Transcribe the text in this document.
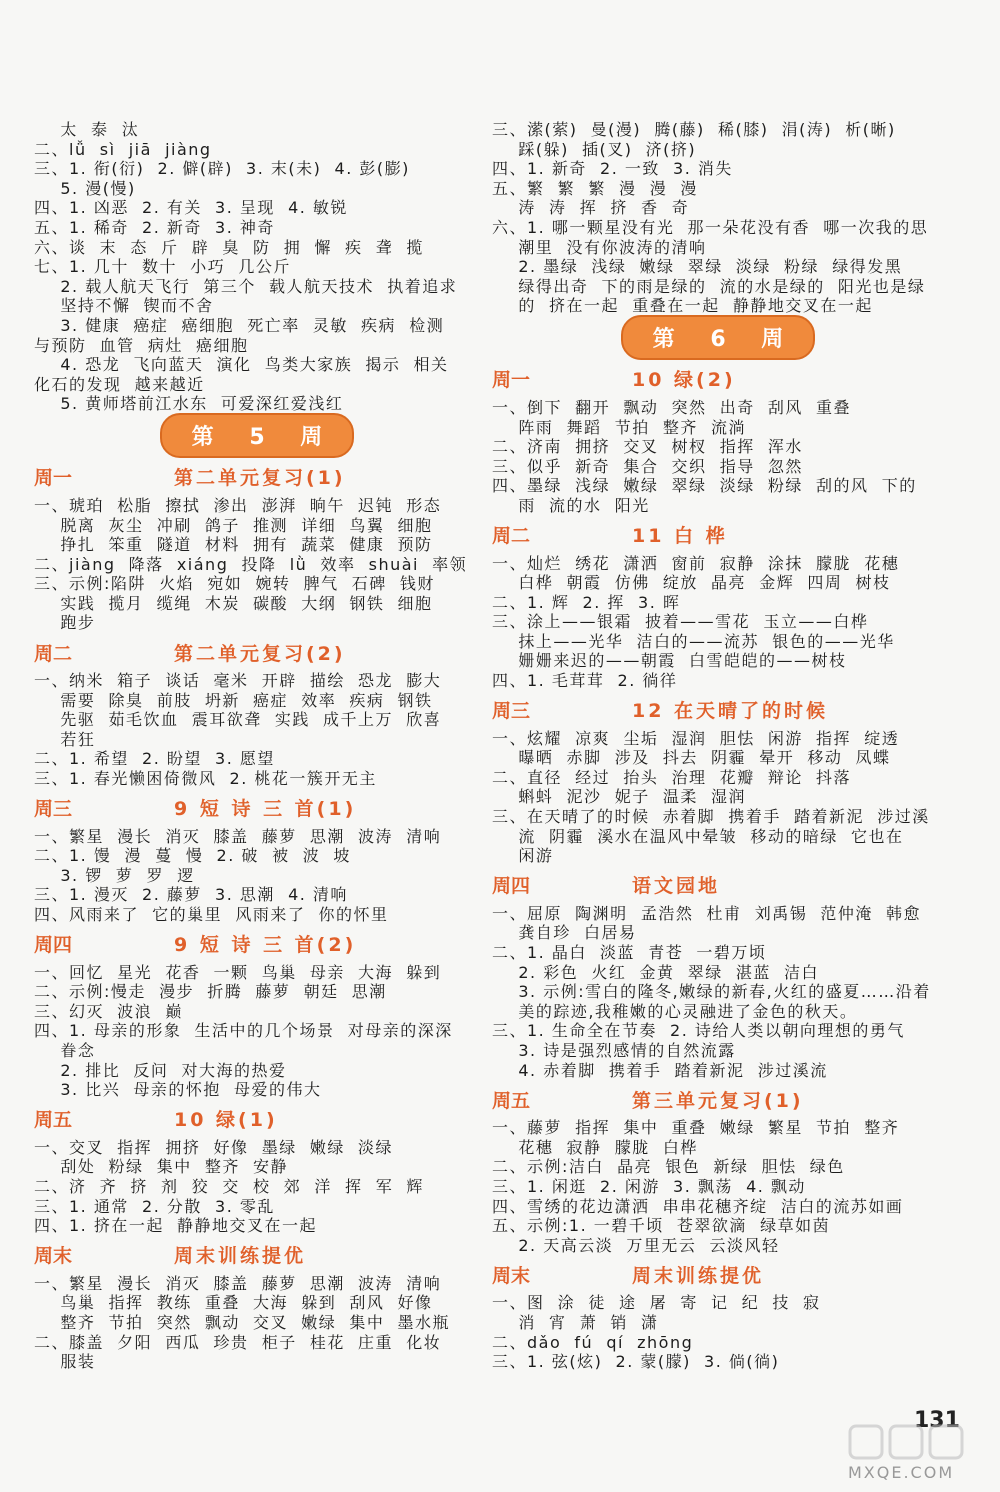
太  泰  汰
二、lǚ  sì  jiā  jiàng
三、1. 衔(衍)  2. 僻(辟)  3. 末(未)  4. 彭(膨)
5. 漫(慢)
四、1. 凶恶  2. 有关  3. 呈现  4. 敏锐
五、1. 稀奇  2. 新奇  3. 神奇
六、谈  末  态  斤  辟  臭  防  拥  懈  疾  聋  揽
七、1. 几十  数十  小巧  几公斤
2. 载人航天飞行  第三个  载人航天技术  执着追求
坚持不懈  锲而不舍
3. 健康  癌症  癌细胞  死亡率  灵敏  疾病  检测
与预防  血管  病灶  癌细胞
4. 恐龙  飞向蓝天  演化  鸟类大家族  揭示  相关
化石的发现  越来越近
5. 黄师塔前江水东  可爱深红爱浅红
第 5 周
周一	第二单元复习(1)
一、琥珀  松脂  擦拭  渗出  澎湃  晌午  迟钝  形态
脱离  灰尘  冲刷  鸽子  推测  详细  鸟翼  细胞
挣扎  笨重  隧道  材料  拥有  蔬菜  健康  预防
二、jiàng  降落  xiáng  投降  lǜ  效率  shuài  率领
三、示例:陷阱  火焰  宛如  婉转  脾气  石碑  钱财
实践  揽月  缆绳  木炭  碳酸  大纲  钢铁  细胞
跑步
周二	第二单元复习(2)
一、纳米  箱子  谈话  毫米  开辟  描绘  恐龙  膨大
需要  除臭  前肢  坍新  癌症  效率  疾病  钢铁
先驱  茹毛饮血  震耳欲聋  实践  成千上万  欣喜
若狂
二、1. 希望  2. 盼望  3. 愿望
三、1. 春光懒困倚微风  2. 桃花一簇开无主
周三	9 短 诗 三 首(1)
一、繁星  漫长  消灭  膝盖  藤萝  思潮  波涛  清响
二、1. 馒  漫  蔓  慢  2. 破  被  波  坡
3. 锣  萝  罗  逻
三、1. 漫灭  2. 藤萝  3. 思潮  4. 清响
四、风雨来了  它的巢里  风雨来了  你的怀里
周四	9 短 诗 三 首(2)
一、回忆  星光  花香  一颗  鸟巢  母亲  大海  躲到
二、示例:慢走  漫步  折腾  藤萝  朝廷  思潮
三、幻灭  波浪  巅
四、1. 母亲的形象  生活中的几个场景  对母亲的深深
眷念
2. 排比  反问  对大海的热爱
3. 比兴  母亲的怀抱  母爱的伟大
周五	10 绿(1)
一、交叉  指挥  拥挤  好像  墨绿  嫩绿  淡绿
刮处  粉绿  集中  整齐  安静
二、济  齐  挤  剂  狡  交  校  郊  洋  挥  军  辉
三、1. 通常  2. 分散  3. 零乱
四、1. 挤在一起  静静地交叉在一起
周末	周末训练提优
一、繁星  漫长  消灭  膝盖  藤萝  思潮  波涛  清响
鸟巢  指挥  教练  重叠  大海  躲到  刮风  好像
整齐  节拍  突然  飘动  交叉  嫩绿  集中  墨水瓶
二、膝盖  夕阳  西瓜  珍贵  柜子  桂花  庄重  化妆
服装
三、潆(萦)  曼(漫)  腾(藤)  稀(膝)  涓(涛)  析(晰)
踩(躲)  插(叉)  济(挤)
四、1. 新奇  2. 一致  3. 消失
五、繁  繁  繁  漫  漫  漫
涛  涛  挥  挤  香  奇
六、1. 哪一颗星没有光  那一朵花没有香  哪一次我的思
潮里  没有你波涛的清响
2. 墨绿  浅绿  嫩绿  翠绿  淡绿  粉绿  绿得发黑
绿得出奇  下的雨是绿的  流的水是绿的  阳光也是绿
的  挤在一起  重叠在一起  静静地交叉在一起
第 6 周
周一	10 绿(2)
一、倒下  翻开  飘动  突然  出奇  刮风  重叠
阵雨  舞蹈  节拍  整齐  流淌
二、济南  拥挤  交叉  树杈  指挥  浑水
三、似乎  新奇  集合  交织  指导  忽然
四、墨绿  浅绿  嫩绿  翠绿  淡绿  粉绿  刮的风  下的
雨  流的水  阳光
周二	11 白 桦
一、灿烂  绣花  潇洒  窗前  寂静  涂抹  朦胧  花穗
白桦  朝霞  仿佛  绽放  晶亮  金辉  四周  树枝
二、1. 辉  2. 挥  3. 晖
三、涂上——银霜  披着——雪花  玉立——白桦
抹上——光华  洁白的——流苏  银色的——光华
姗姗来迟的——朝霞  白雪皑皑的——树枝
四、1. 毛茸茸  2. 徜徉
周三	12 在天晴了的时候
一、炫耀  凉爽  尘垢  湿润  胆怯  闲游  指挥  绽透
曝晒  赤脚  涉及  抖去  阴霾  晕开  移动  凤蝶
二、直径  经过  抬头  治理  花瓣  辩论  抖落
蝌蚪  泥沙  妮子  温柔  湿润
三、在天晴了的时候  赤着脚  携着手  踏着新泥  涉过溪
流  阴霾  溪水在温风中晕皱  移动的暗绿  它也在
闲游
周四	语文园地
一、屈原  陶渊明  孟浩然  杜甫  刘禹锡  范仲淹  韩愈
龚自珍  白居易
二、1. 晶白  淡蓝  青苍  一碧万顷
2. 彩色  火红  金黄  翠绿  湛蓝  洁白
3. 示例:雪白的隆冬,嫩绿的新春,火红的盛夏……沿着
美的踪迹,我稚嫩的心灵融进了金色的秋天。
三、1. 生命全在节奏  2. 诗给人类以朝向理想的勇气
3. 诗是强烈感情的自然流露
4. 赤着脚  携着手  踏着新泥  涉过溪流
周五	第三单元复习(1)
一、藤萝  指挥  集中  重叠  嫩绿  繁星  节拍  整齐
花穗  寂静  朦胧  白桦
二、示例:洁白  晶亮  银色  新绿  胆怯  绿色
三、1. 闲逛  2. 闲游  3. 飘荡  4. 飘动
四、雪绣的花边潇洒  串串花穗齐绽  洁白的流苏如画
五、示例:1. 一碧千顷  苍翠欲滴  绿草如茵
2. 天高云淡  万里无云  云淡风轻
周末	周末训练提优
一、图  涂  徒  途  屠  寄  记  纪  技  寂
消  宵  萧  销  潇
二、dǎo  fú  qí  zhōng
三、1. 弦(炫)  2. 蒙(朦)  3. 倘(徜)
131
MXQE.COM
